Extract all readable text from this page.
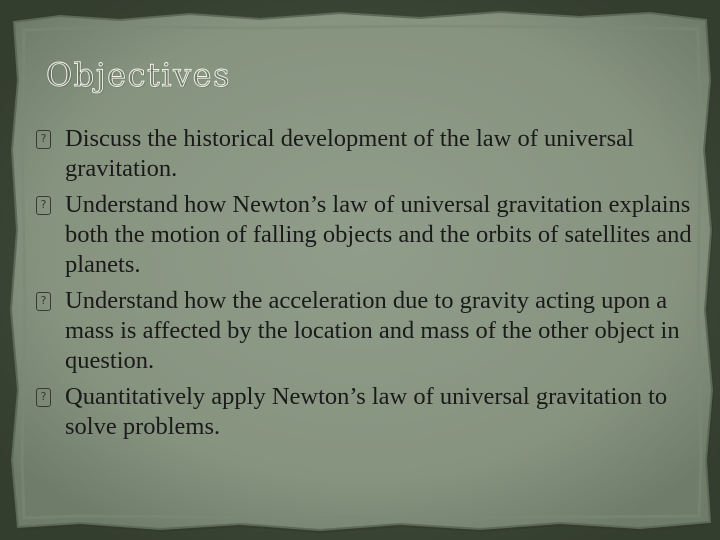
Objectives
?
Discuss the historical development of the law of universal gravitation.
?
Understand how Newton’s law of universal gravitation explains both the motion of falling objects and the orbits of satellites and planets.
?
Understand how the acceleration due to gravity acting upon a mass is affected by the location and mass of the other object in question.
?
Quantitatively apply Newton’s law of universal gravitation to solve problems.
